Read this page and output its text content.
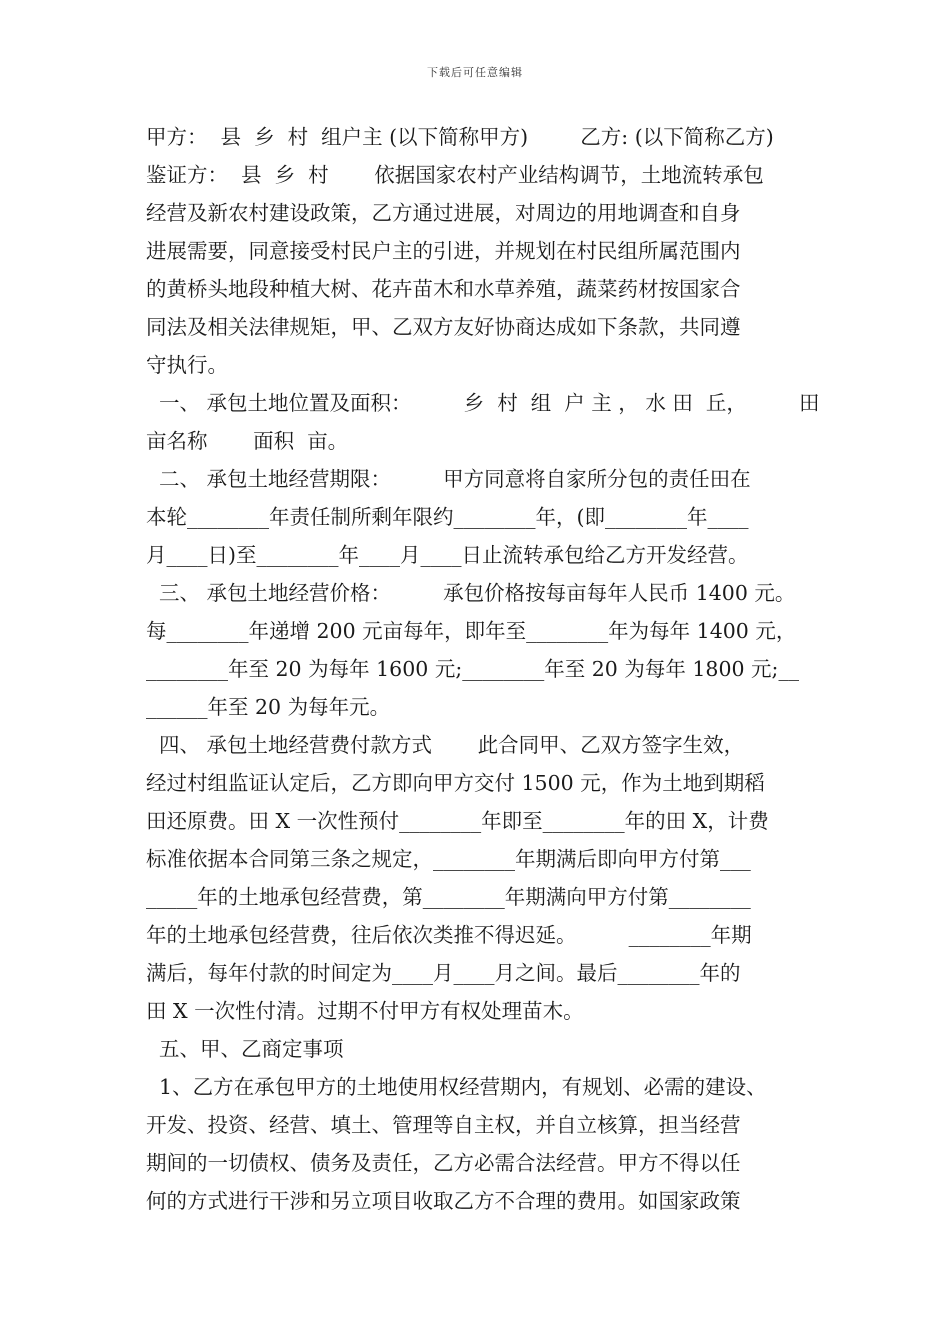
下载后可任意编辑
甲方：  县  乡  村  组户主 (以下简称甲方)        乙方: (以下简称乙方)
鉴证方：  县  乡  村       依据国家农村产业结构调节，土地流转承包
经营及新农村建设政策，乙方通过进展，对周边的用地调查和自身
进展需要，同意接受村民户主的引进，并规划在村民组所属范围内
的黄桥头地段种植大树、花卉苗木和水草养殖，蔬菜药材按国家合
同法及相关法律规矩，甲、乙双方友好协商达成如下条款，共同遵
守执行。
一、 承包土地位置及面积：        乡  村  组  户 主 ， 水 田  丘，        田
亩名称       面积  亩。
二、 承包土地经营期限：        甲方同意将自家所分包的责任田在
本轮________年责任制所剩年限约________年，(即________年____
月____日)至________年____月____日止流转承包给乙方开发经营。
三、 承包土地经营价格：        承包价格按每亩每年人民币 1400 元。
每________年递增 200 元亩每年，即年至________年为每年 1400 元，
________年至 20 为每年 1600 元;________年至 20 为每年 1800 元;__
______年至 20 为每年元。
四、 承包土地经营费付款方式       此合同甲、乙双方签字生效，
经过村组监证认定后，乙方即向甲方交付 1500 元，作为土地到期稻
田还原费。田 X 一次性预付________年即至________年的田 X，计费
标准依据本合同第三条之规定，________年期满后即向甲方付第___
_____年的土地承包经营费，第________年期满向甲方付第________
年的土地承包经营费，往后依次类推不得迟延。        ________年期
满后，每年付款的时间定为____月____月之间。最后________年的
田 X 一次性付清。过期不付甲方有权处理苗木。
五、甲、乙商定事项
1、乙方在承包甲方的土地使用权经营期内，有规划、必需的建设、
开发、投资、经营、填土、管理等自主权，并自立核算，担当经营
期间的一切债权、债务及责任，乙方必需合法经营。甲方不得以任
何的方式进行干涉和另立项目收取乙方不合理的费用。如国家政策
